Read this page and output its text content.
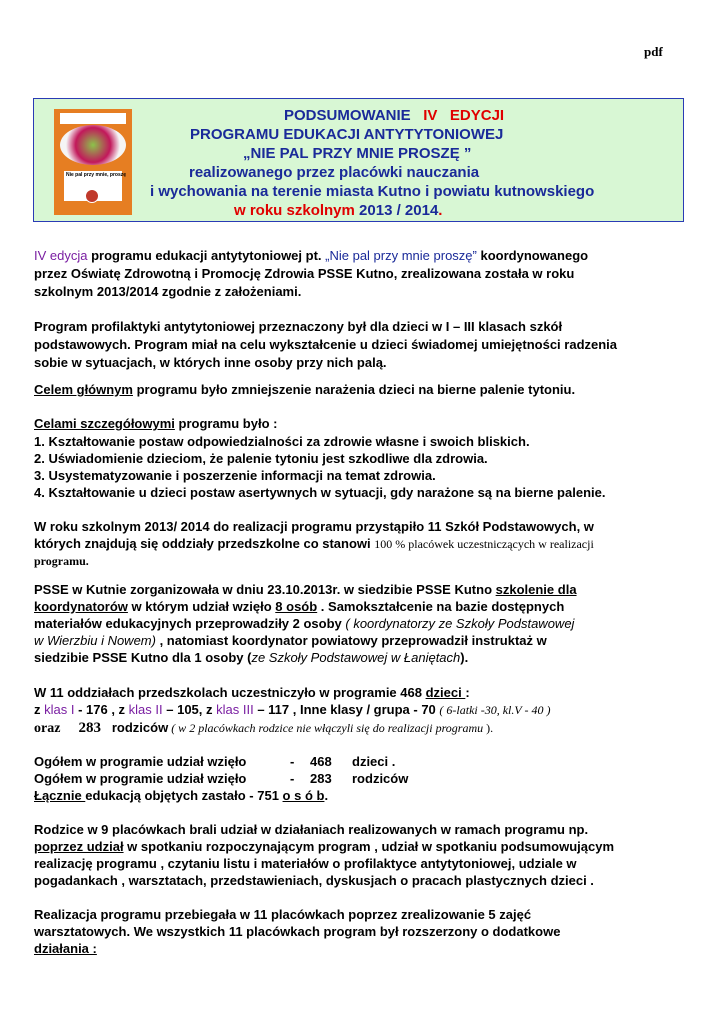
pdf
Nie pal przy mnie, proszę
PODSUMOWANIE IV EDYCJI
PROGRAMU EDUKACJI ANTYTYTONIOWEJ
„NIE PAL PRZY MNIE PROSZĘ ”
realizowanego przez placówki nauczania
i wychowania na terenie miasta Kutno i powiatu kutnowskiego
w roku szkolnym 2013 / 2014.
IV edycja programu edukacji antytytoniowej pt. „Nie pal przy mnie proszę” koordynowanego
przez Oświatę Zdrowotną i Promocję Zdrowia PSSE Kutno, zrealizowana została w roku
szkolnym 2013/2014 zgodnie z założeniami.
Program profilaktyki antytytoniowej przeznaczony był dla dzieci w I – III klasach szkół
podstawowych. Program miał na celu wykształcenie u dzieci świadomej umiejętności radzenia
sobie w sytuacjach, w których inne osoby przy nich palą.
Celem głównym programu było zmniejszenie narażenia dzieci na bierne palenie tytoniu.
Celami szczegółowymi programu było :
1. Kształtowanie postaw odpowiedzialności za zdrowie własne i swoich bliskich.
2. Uświadomienie dzieciom, że palenie tytoniu jest szkodliwe dla zdrowia.
3. Usystematyzowanie i poszerzenie informacji na temat zdrowia.
4. Kształtowanie u dzieci postaw asertywnych w sytuacji, gdy narażone są na bierne palenie.
W roku szkolnym 2013/ 2014 do realizacji programu przystąpiło 11 Szkół Podstawowych, w
których znajdują się oddziały przedszkolne co stanowi 100 % placówek uczestniczących w realizacji
programu.
PSSE w Kutnie zorganizowała w dniu 23.10.2013r. w siedzibie PSSE Kutno szkolenie dla
koordynatorów w którym udział wzięło 8 osób . Samokształcenie na bazie dostępnych
materiałów edukacyjnych przeprowadziły 2 osoby ( koordynatorzy ze Szkoły Podstawowej
w Wierzbiu i Nowem) , natomiast koordynator powiatowy przeprowadził instruktaż w
siedzibie PSSE Kutno dla 1 osoby (ze Szkoły Podstawowej w Łaniętach).
W 11 oddziałach przedszkolach uczestniczyło w programie 468 dzieci :
z klas I - 176 , z klas II – 105, z klas III – 117 , Inne klasy / grupa - 70 ( 6-latki -30, kl.V - 40 )
oraz 283 rodziców ( w 2 placówkach rodzice nie włączyli się do realizacji programu ).
Ogółem w programie udział wzięło	- 468 dzieci .
Ogółem w programie udział wzięło	- 283 rodziców
Łącznie edukacją objętych zastało - 751 o s ó b.
Rodzice w 9 placówkach brali udział w działaniach realizowanych w ramach programu np.
poprzez udział w spotkaniu rozpoczynającym program , udział w spotkaniu podsumowującym
realizację programu , czytaniu listu i materiałów o profilaktyce antytytoniowej, udziale w
pogadankach , warsztatach, przedstawieniach, dyskusjach o pracach plastycznych dzieci .
Realizacja programu przebiegała w 11 placówkach poprzez zrealizowanie 5 zajęć
warsztatowych. We wszystkich 11 placówkach program był rozszerzony o dodatkowe
działania :
